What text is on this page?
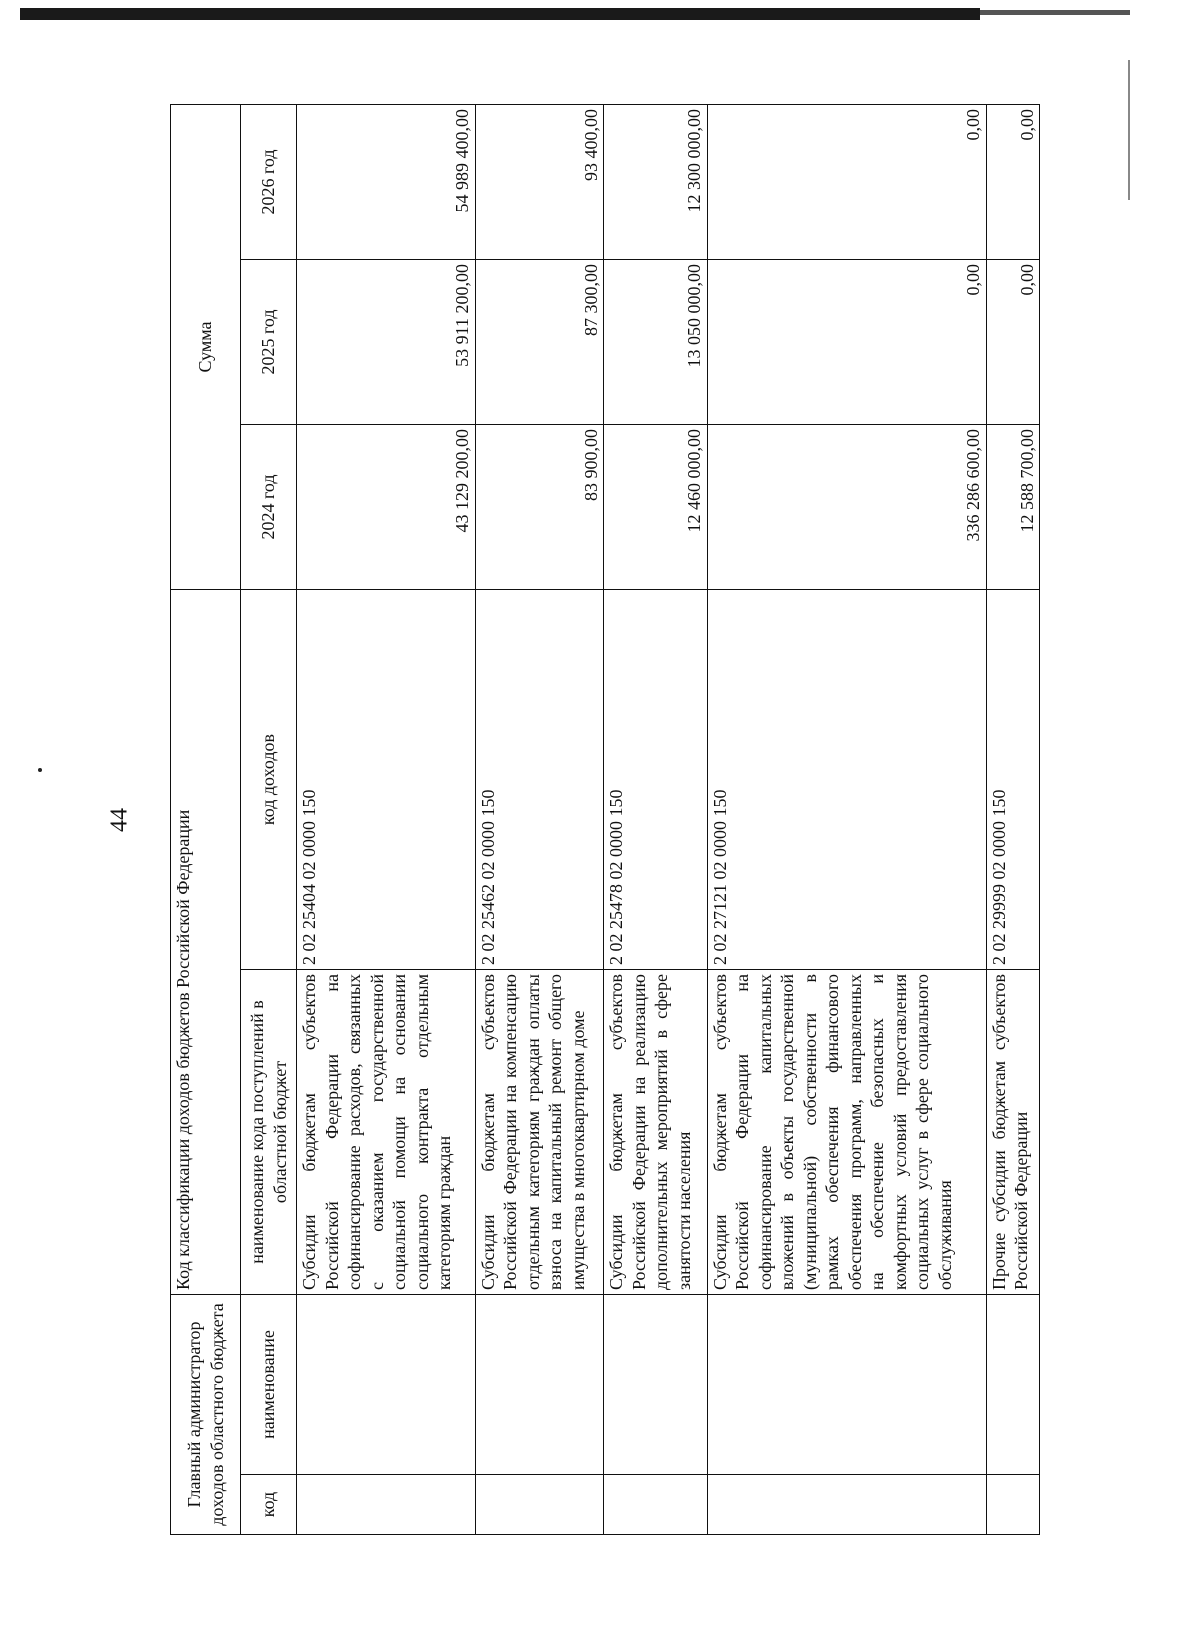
44
Главный администратор доходов областного бюджета		Код классификации доходов бюджетов Российской Федерации		Сумма		
код	наименование	наименование кода поступлений в областной бюджет	код доходов	2024 год	2025 год	2026 год
		Субсидии бюджетам субъектов Российской Федерации на софинансирование расходов, связанных с оказанием государственной социальной помощи на основании социального контракта отдельным категориям граждан	2 02 25404 02 0000 150	43 129 200,00	53 911 200,00	54 989 400,00
		Субсидии бюджетам субъектов Российской Федерации на компенсацию отдельным категориям граждан оплаты взноса на капитальный ремонт общего имущества в многоквартирном доме	2 02 25462 02 0000 150	83 900,00	87 300,00	93 400,00
		Субсидии бюджетам субъектов Российской Федерации на реализацию дополнительных мероприятий в сфере занятости населения	2 02 25478 02 0000 150	12 460 000,00	13 050 000,00	12 300 000,00
		Субсидии бюджетам субъектов Российской Федерации на софинансирование капитальных вложений в объекты государственной (муниципальной) собственности в рамках обеспечения финансового обеспечения программ, направленных на обеспечение безопасных и комфортных условий предоставления социальных услуг в сфере социального обслуживания	2 02 27121 02 0000 150	336 286 600,00	0,00	0,00
		Прочие субсидии бюджетам субъектов Российской Федерации	2 02 29999 02 0000 150	12 588 700,00	0,00	0,00
